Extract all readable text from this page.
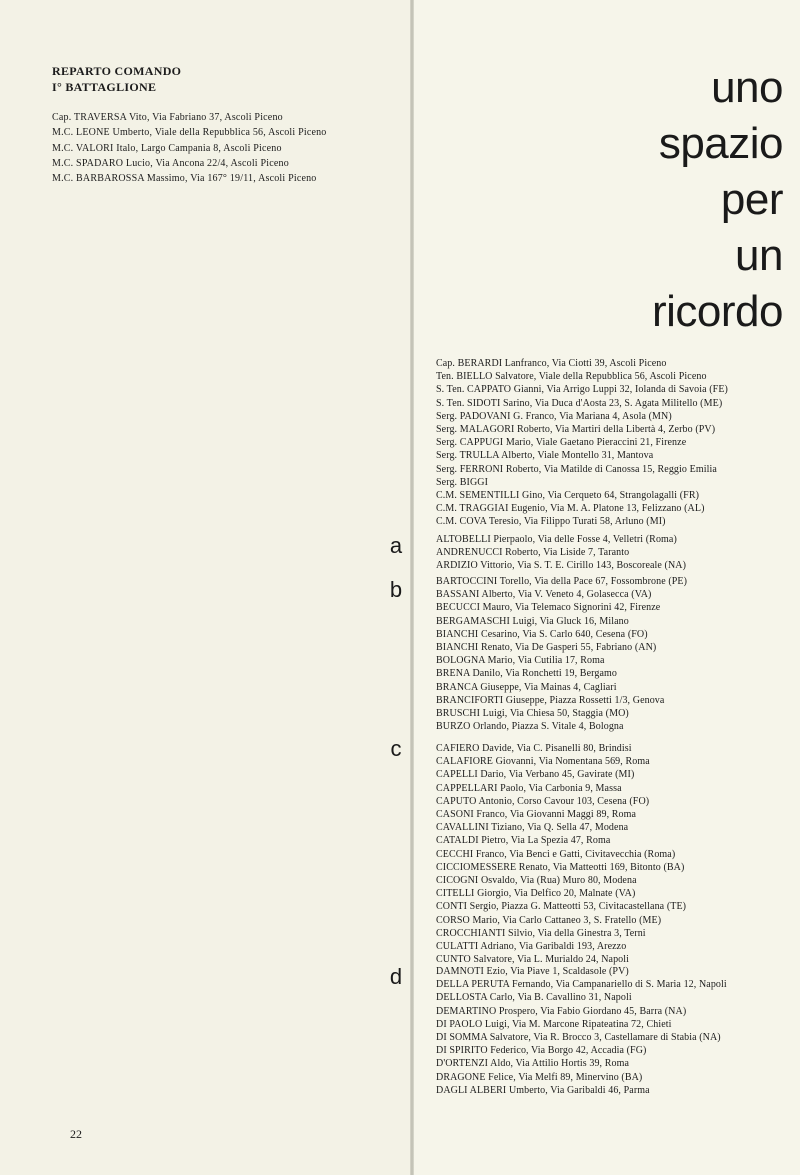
REPARTO COMANDO
I° BATTAGLIONE
Cap. TRAVERSA Vito, Via Fabriano 37, Ascoli Piceno
M.C. LEONE Umberto, Viale della Repubblica 56, Ascoli Piceno
M.C. VALORI Italo, Largo Campania 8, Ascoli Piceno
M.C. SPADARO Lucio, Via Ancona 22/4, Ascoli Piceno
M.C. BARBAROSSA Massimo, Via 167° 19/11, Ascoli Piceno
22
uno
spazio
per
un
ricordo
Cap. BERARDI Lanfranco, Via Ciotti 39, Ascoli Piceno
Ten. BIELLO Salvatore, Viale della Repubblica 56, Ascoli Piceno
S. Ten. CAPPATO Gianni, Via Arrigo Luppi 32, Iolanda di Savoia (FE)
S. Ten. SIDOTI Sarino, Via Duca d'Aosta 23, S. Agata Militello (ME)
Serg. PADOVANI G. Franco, Via Mariana 4, Asola (MN)
Serg. MALAGORI Roberto, Via Martiri della Libertà 4, Zerbo (PV)
Serg. CAPPUGI Mario, Viale Gaetano Pieraccini 21, Firenze
Serg. TRULLA Alberto, Viale Montello 31, Mantova
Serg. FERRONI Roberto, Via Matilde di Canossa 15, Reggio Emilia
Serg. BIGGI
C.M. SEMENTILLI Gino, Via Cerqueto 64, Strangolagalli (FR)
C.M. TRAGGIAI Eugenio, Via M. A. Platone 13, Felizzano (AL)
C.M. COVA Teresio, Via Filippo Turati 58, Arluno (MI)
a	ALTOBELLI Pierpaolo, Via delle Fosse 4, Velletri (Roma)
ANDRENUCCI Roberto, Via Liside 7, Taranto
ARDIZIO Vittorio, Via S. T. E. Cirillo 143, Boscoreale (NA)
b	BARTOCCINI Torello, Via della Pace 67, Fossombrone (PE)
BASSANI Alberto, Via V. Veneto 4, Golasecca (VA)
BECUCCI Mauro, Via Telemaco Signorini 42, Firenze
BERGAMASCHI Luigi, Via Gluck 16, Milano
BIANCHI Cesarino, Via S. Carlo 640, Cesena (FO)
BIANCHI Renato, Via De Gasperi 55, Fabriano (AN)
BOLOGNA Mario, Via Cutilia 17, Roma
BRENA Danilo, Via Ronchetti 19, Bergamo
BRANCA Giuseppe, Via Mainas 4, Cagliari
BRANCIFORTI Giuseppe, Piazza Rossetti 1/3, Genova
BRUSCHI Luigi, Via Chiesa 50, Staggia (MO)
BURZO Orlando, Piazza S. Vitale 4, Bologna
c	CAFIERO Davide, Via C. Pisanelli 80, Brindisi
CALAFIORE Giovanni, Via Nomentana 569, Roma
CAPELLI Dario, Via Verbano 45, Gavirate (MI)
CAPPELLARI Paolo, Via Carbonia 9, Massa
CAPUTO Antonio, Corso Cavour 103, Cesena (FO)
CASONI Franco, Via Giovanni Maggi 89, Roma
CAVALLINI Tiziano, Via Q. Sella 47, Modena
CATALDI Pietro, Via La Spezia 47, Roma
CECCHI Franco, Via Benci e Gatti, Civitavecchia (Roma)
CICCIOMESSERE Renato, Via Matteotti 169, Bitonto (BA)
CICOGNI Osvaldo, Via (Rua) Muro 80, Modena
CITELLI Giorgio, Via Delfico 20, Malnate (VA)
CONTI Sergio, Piazza G. Matteotti 53, Civitacastellana (TE)
CORSO Mario, Via Carlo Cattaneo 3, S. Fratello (ME)
CROCCHIANTI Silvio, Via della Ginestra 3, Terni
CULATTI Adriano, Via Garibaldi 193, Arezzo
CUNTO Salvatore, Via L. Murialdo 24, Napoli
d	DAMNOTI Ezio, Via Piave 1, Scaldasole (PV)
DELLA PERUTA Fernando, Via Campanariello di S. Maria 12, Napoli
DELLOSTA Carlo, Via B. Cavallino 31, Napoli
DEMARTINO Prospero, Via Fabio Giordano 45, Barra (NA)
DI PAOLO Luigi, Via M. Marcone Ripateatina 72, Chieti
DI SOMMA Salvatore, Via R. Brocco 3, Castellamare di Stabia (NA)
DI SPIRITO Federico, Via Borgo 42, Accadia (FG)
D'ORTENZI Aldo, Via Attilio Hortis 39, Roma
DRAGONE Felice, Via Melfi 89, Minervino (BA)
DAGLI ALBERI Umberto, Via Garibaldi 46, Parma
